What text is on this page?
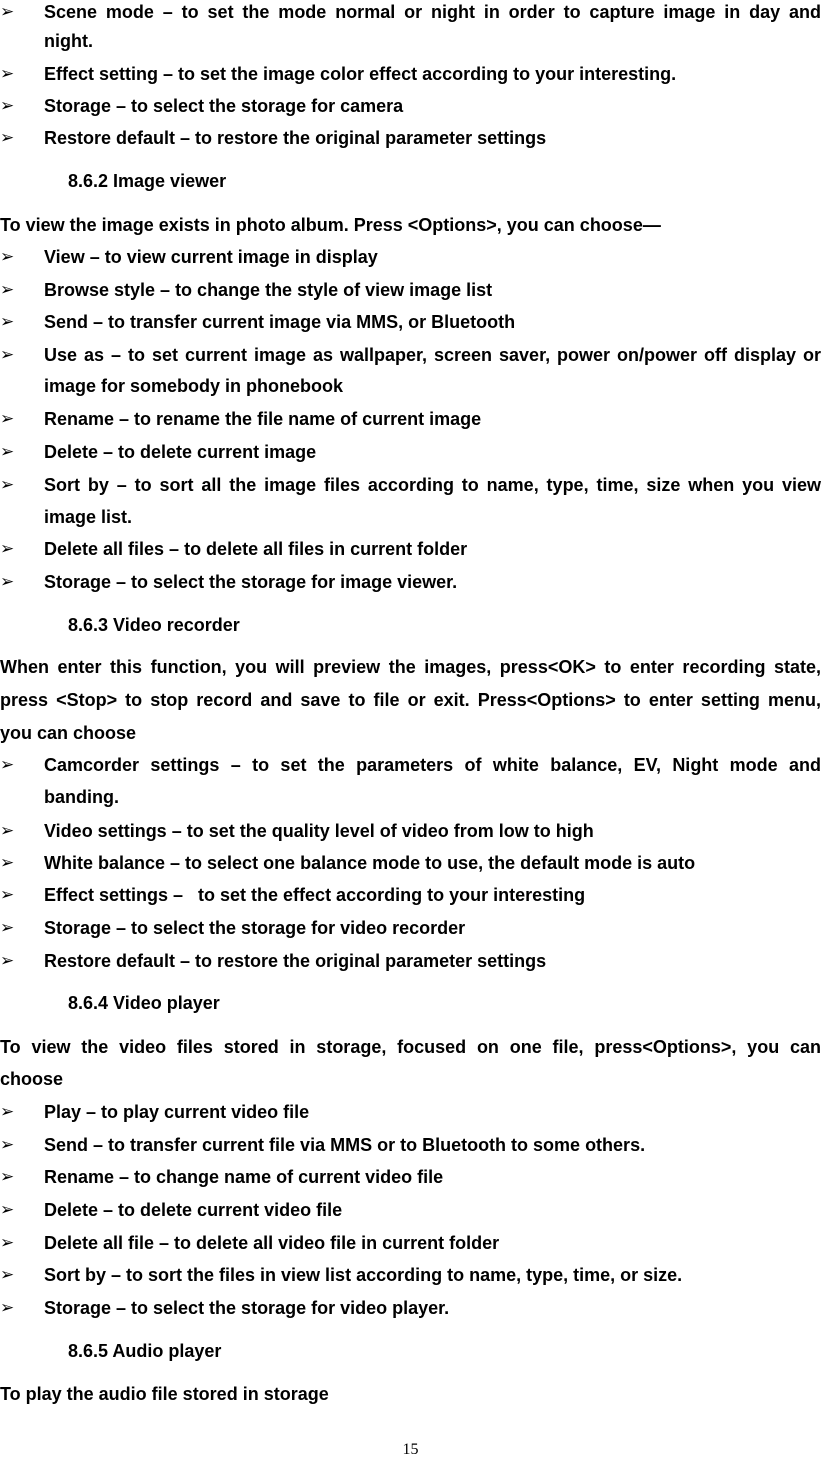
➢ Scene mode – to set the mode normal or night in order to capture image in day and
night.
➢ Effect setting – to set the image color effect according to your interesting.
➢ Storage – to select the storage for camera
➢ Restore default – to restore the original parameter settings
8.6.2 Image viewer
To view the image exists in photo album. Press <Options>, you can choose—
➢ View – to view current image in display
➢ Browse style – to change the style of view image list
➢ Send – to transfer current image via MMS, or Bluetooth
➢ Use as – to set current image as wallpaper, screen saver, power on/power off display or
image for somebody in phonebook
➢ Rename – to rename the file name of current image
➢ Delete – to delete current image
➢ Sort by – to sort all the image files according to name, type, time, size when you view
image list.
➢ Delete all files – to delete all files in current folder
➢ Storage – to select the storage for image viewer.
8.6.3 Video recorder
When enter this function, you will preview the images, press<OK> to enter recording state,
press <Stop> to stop record and save to file or exit. Press<Options> to enter setting menu,
you can choose
➢ Camcorder settings – to set the parameters of white balance, EV, Night mode and
banding.
➢ Video settings – to set the quality level of video from low to high
➢ White balance – to select one balance mode to use, the default mode is auto
➢ Effect settings –   to set the effect according to your interesting
➢ Storage – to select the storage for video recorder
➢ Restore default – to restore the original parameter settings
8.6.4 Video player
To view the video files stored in storage, focused on one file, press<Options>, you can
choose
➢ Play – to play current video file
➢ Send – to transfer current file via MMS or to Bluetooth to some others.
➢ Rename – to change name of current video file
➢ Delete – to delete current video file
➢ Delete all file – to delete all video file in current folder
➢ Sort by – to sort the files in view list according to name, type, time, or size.
➢ Storage – to select the storage for video player.
8.6.5 Audio player
To play the audio file stored in storage
15
